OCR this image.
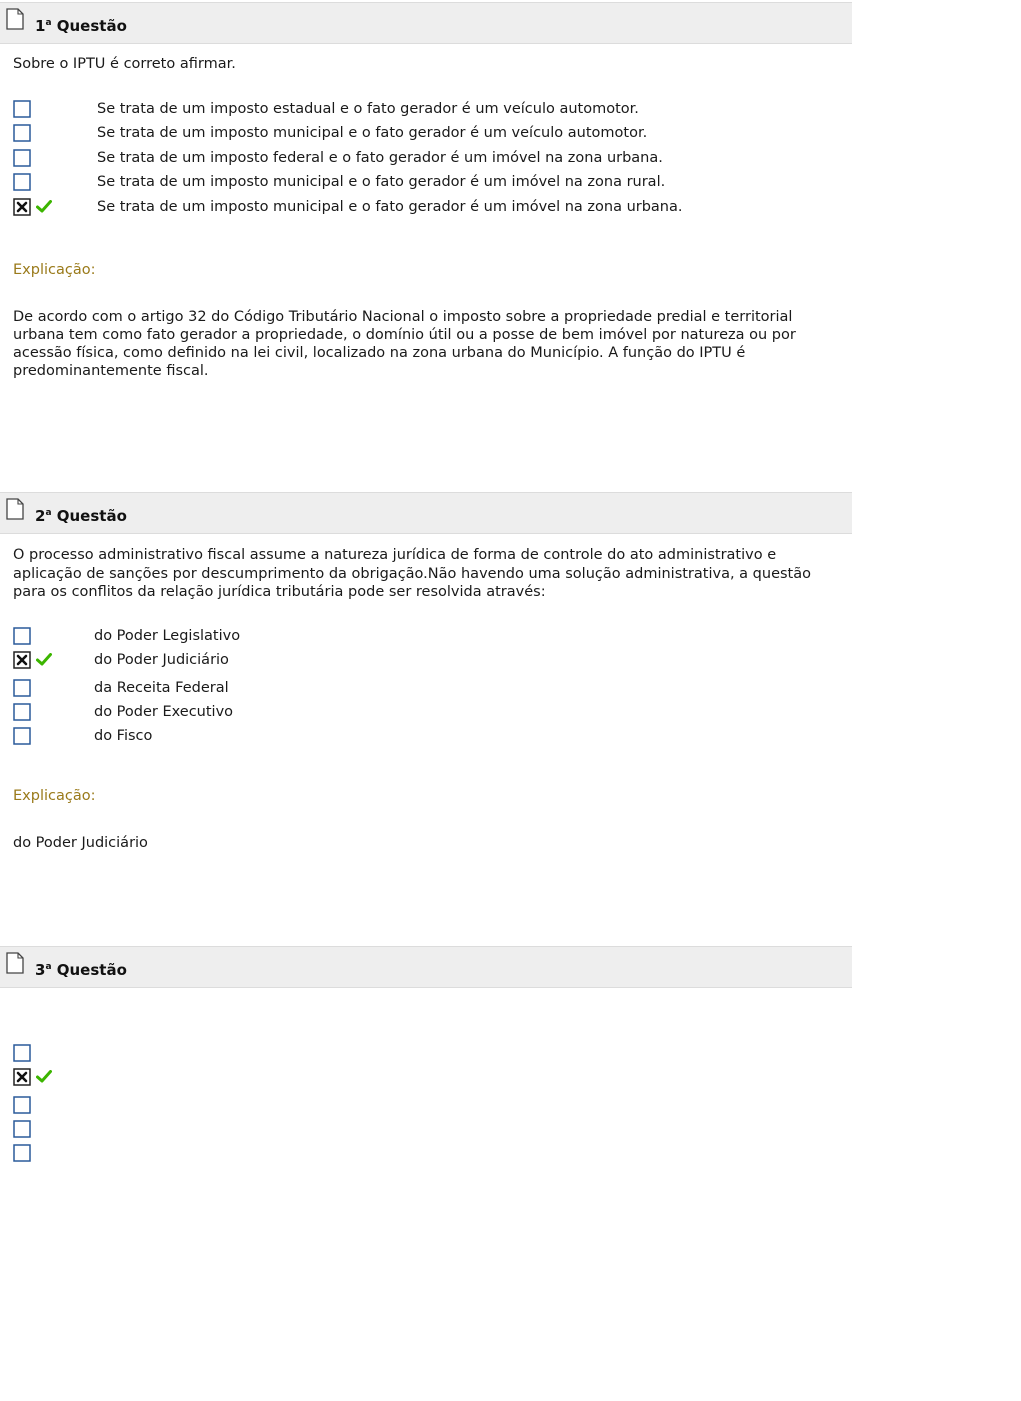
1$^a$ Questão

Sobre o IPTU é correto afirmar.

Se trata de um imposto estadual e o fato gerador é um veículo automotor.
Se trata de um imposto municipal e o fato gerador é um veículo automotor.
Se trata de um imposto federal e o fato gerador é um imóvel na zona urbana.
Se trata de um imposto municipal e o fato gerador é um imóvel na zona rural.
Se trata de um imposto municipal e o fato gerador é um imóvel na zona urbana.
Explicação:

De acordo com o artigo 32 do Código Tributário Nacional o imposto sobre a propriedade predial e territorial urbana tem como fato gerador a propriedade, o domínio útil ou a posse de bem imóvel por natureza ou por acessão física, como definido na lei civil, localizado na zona urbana do Município. A função do IPTU é predominantemente fiscal.

2$^a$ Questão

O processo administrativo fiscal assume a natureza jurídica de forma de controle do ato administrativo e aplicação de sanções por descumprimento da obrigação.Não havendo uma solução administrativa, a questão para os conflitos da relação jurídica tributária pode ser resolvida através:

do Poder Legislativo
do Poder Judiciário
da Receita Federal
do Poder Executivo
do Fisco
Explicação:

do Poder Judiciário

3$^a$ Questão
